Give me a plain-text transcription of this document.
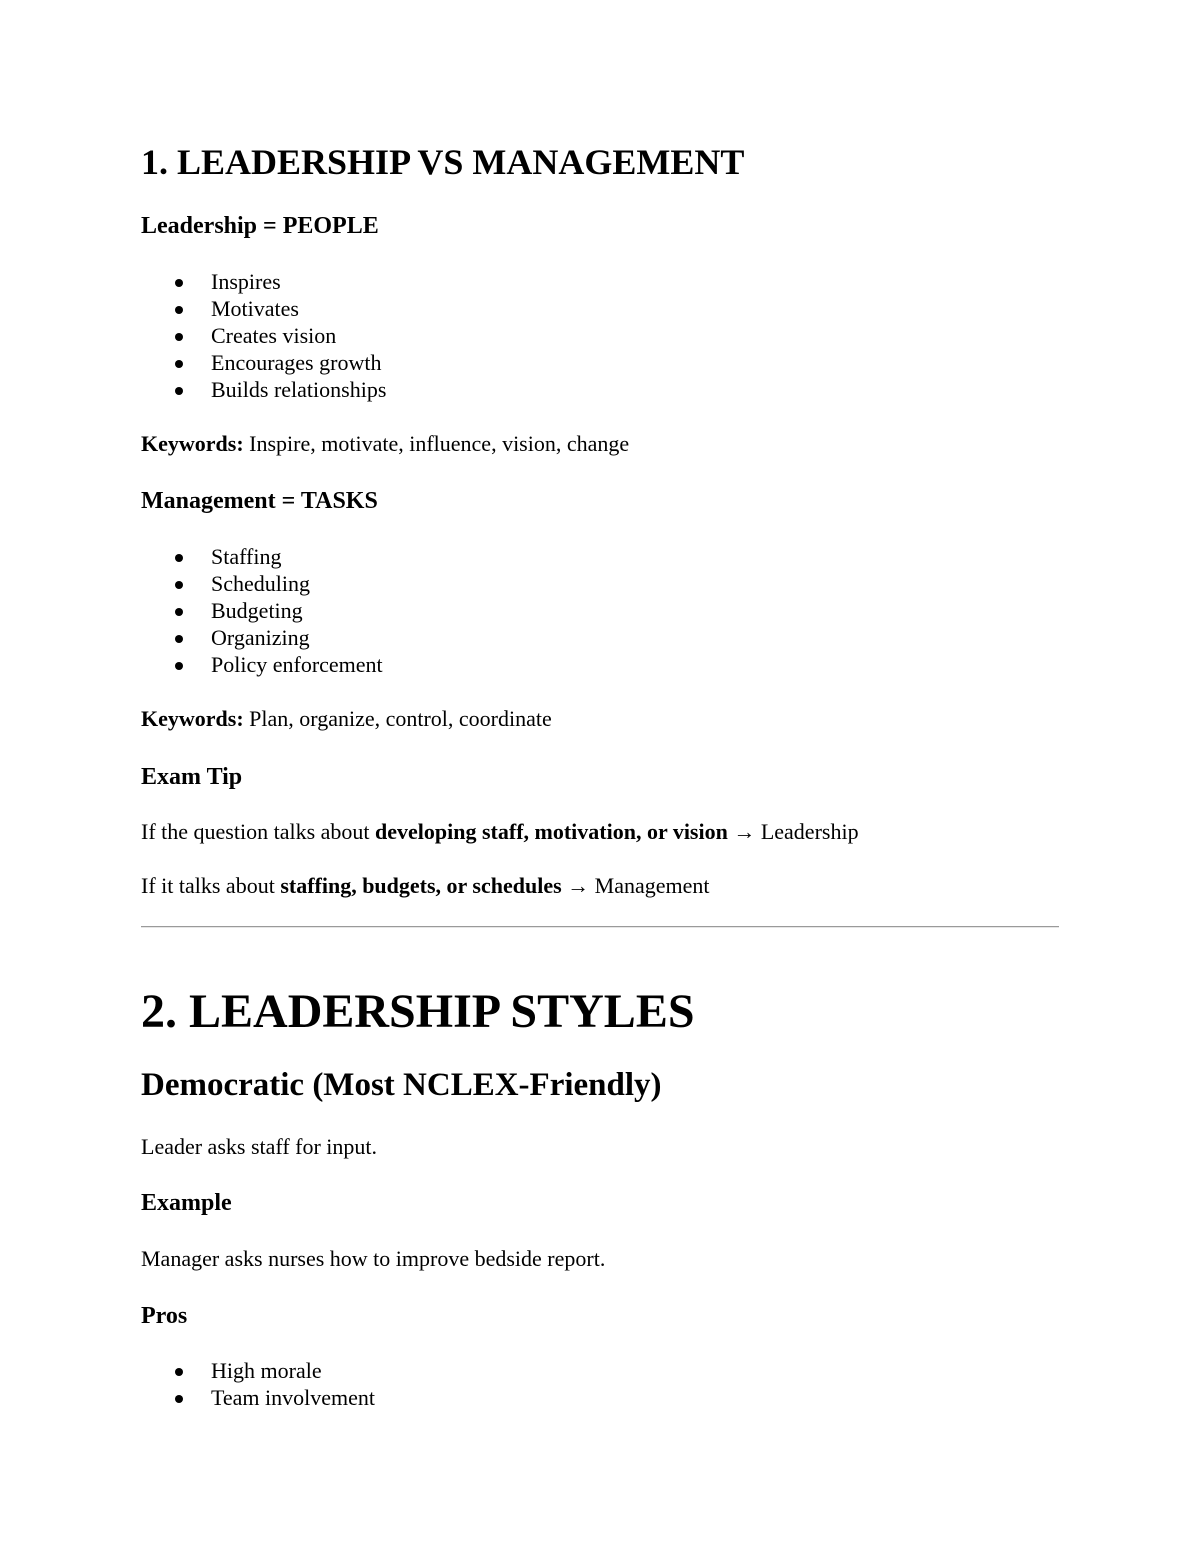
1. LEADERSHIP VS MANAGEMENT
Leadership = PEOPLE
Inspires
Motivates
Creates vision
Encourages growth
Builds relationships

Keywords: Inspire, motivate, influence, vision, change

Management = TASKS
Staffing
Scheduling
Budgeting
Organizing
Policy enforcement

Keywords: Plan, organize, control, coordinate

Exam Tip

If the question talks about developing staff, motivation, or vision → Leadership

If it talks about staffing, budgets, or schedules → Management

2. LEADERSHIP STYLES
Democratic (Most NCLEX-Friendly)

Leader asks staff for input.

Example

Manager asks nurses how to improve bedside report.

Pros
High morale
Team involvement
